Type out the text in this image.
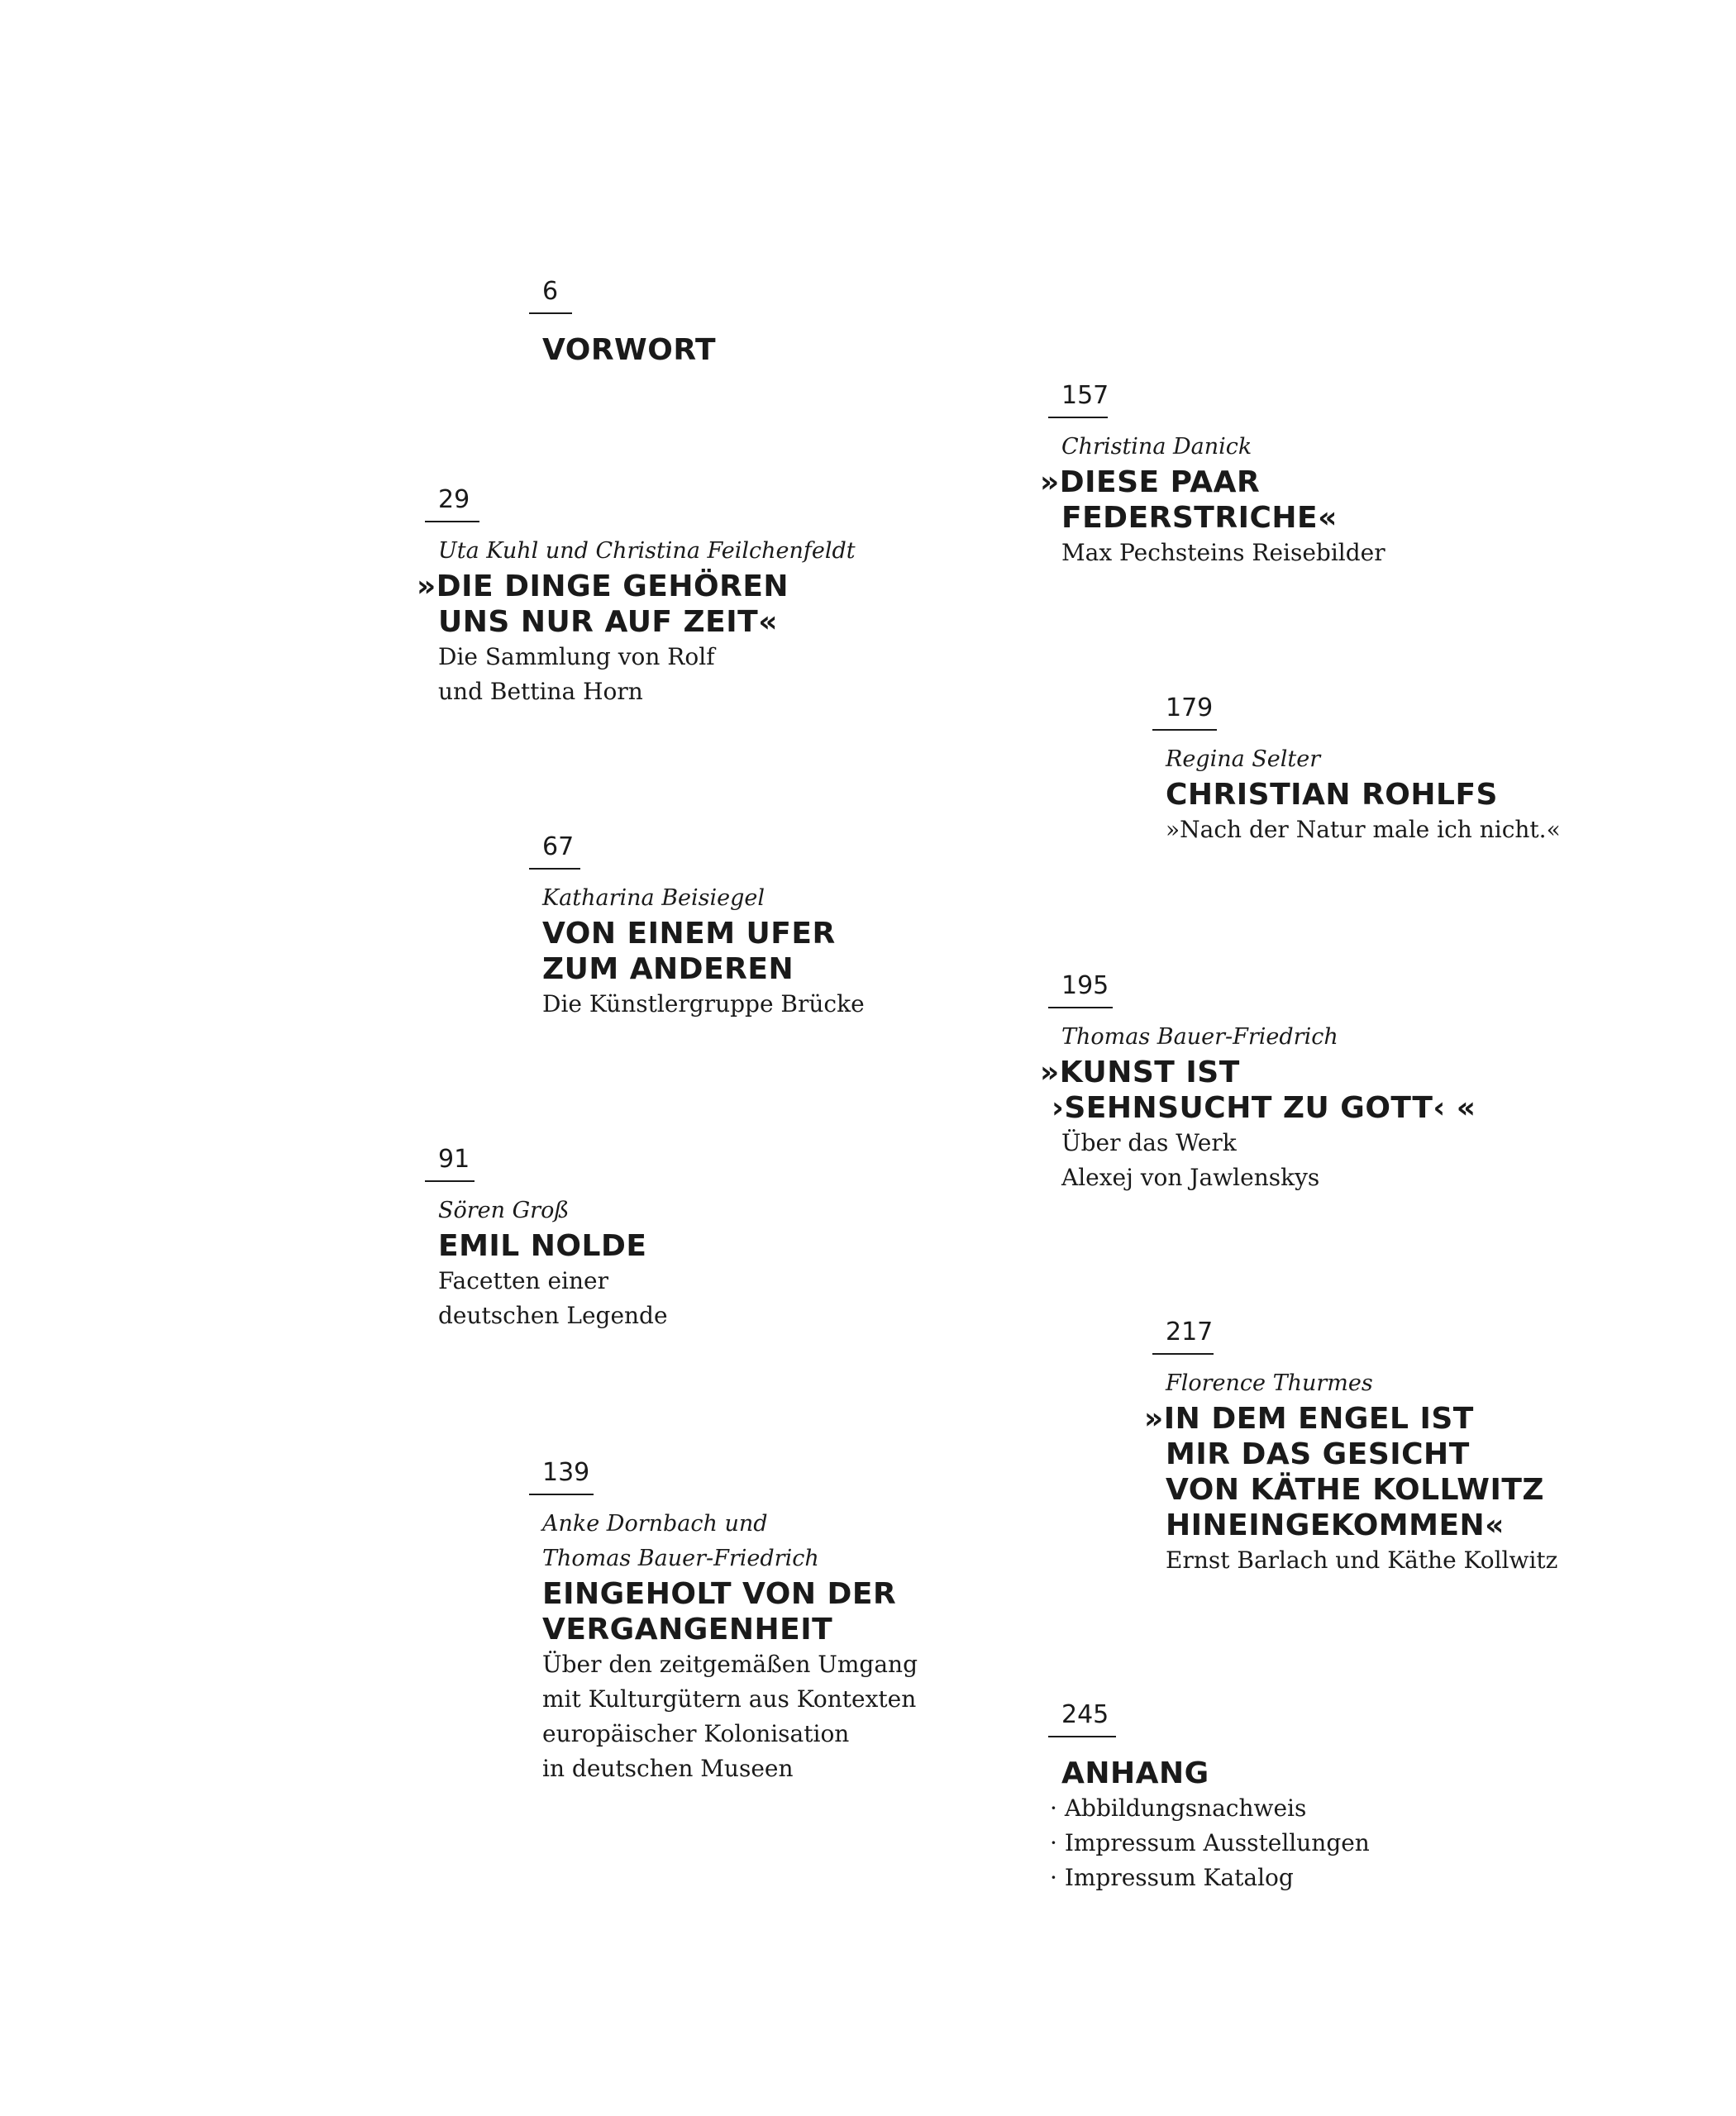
6
VORWORT
29
Uta Kuhl und Christina Feilchenfeldt
»DIE DINGE GEHÖREN
UNS NUR AUF ZEIT«
Die Sammlung von Rolf
und Bettina Horn
67
Katharina Beisiegel
VON EINEM UFER
ZUM ANDEREN
Die Künstlergruppe Brücke
91
Sören Groß
EMIL NOLDE
Facetten einer
deutschen Legende
139
Anke Dornbach und
Thomas Bauer-Friedrich
EINGEHOLT VON DER
VERGANGENHEIT
Über den zeitgemäßen Umgang
mit Kulturgütern aus Kontexten
europäischer Kolonisation
in deutschen Museen
157
Christina Danick
»DIESE PAAR
FEDERSTRICHE«
Max Pechsteins Reisebilder
179
Regina Selter
CHRISTIAN ROHLFS
»Nach der Natur male ich nicht.«
195
Thomas Bauer-Friedrich
»KUNST IST
›SEHNSUCHT ZU GOTT‹ «
Über das Werk
Alexej von Jawlenskys
217
Florence Thurmes
»IN DEM ENGEL IST
MIR DAS GESICHT
VON KÄTHE KOLLWITZ
HINEINGEKOMMEN«
Ernst Barlach und Käthe Kollwitz
245
ANHANG
· Abbildungsnachweis
· Impressum Ausstellungen
· Impressum Katalog
